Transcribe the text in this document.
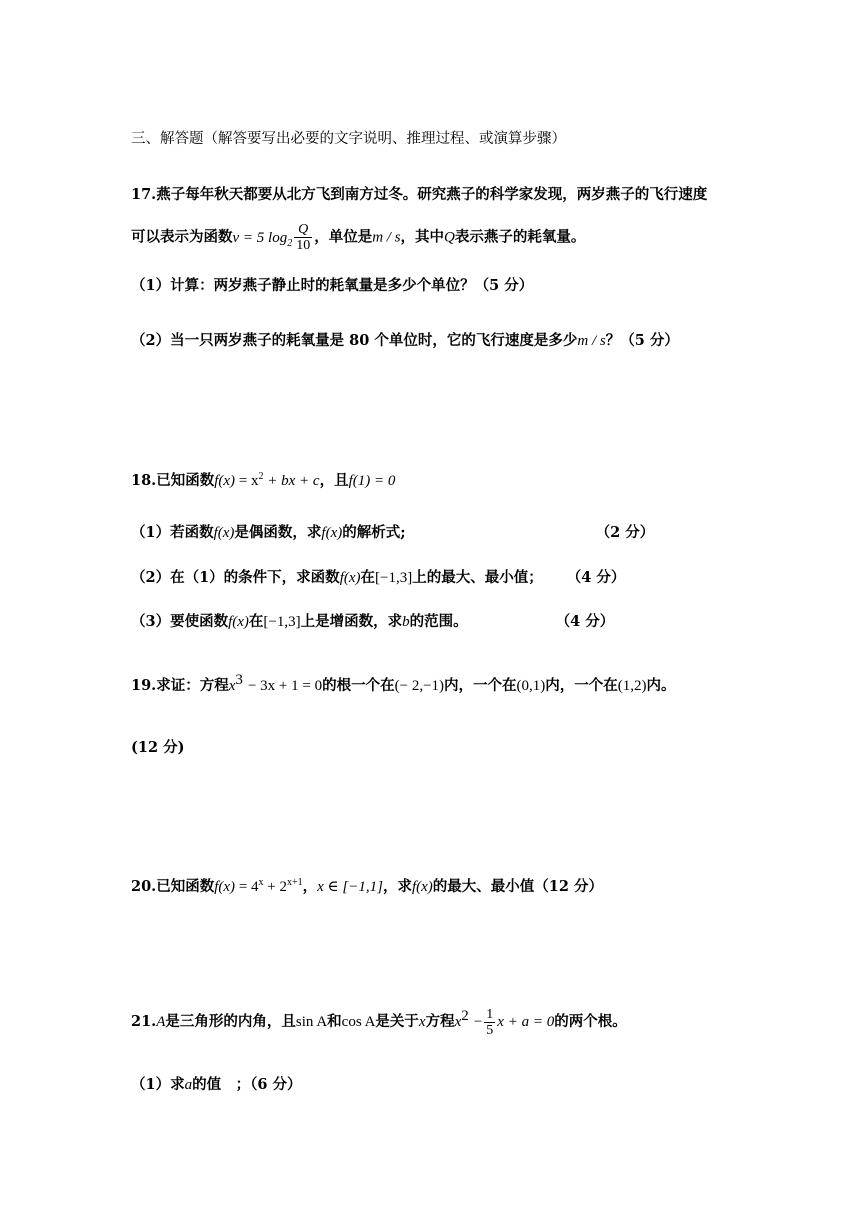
三、解答题（解答要写出必要的文字说明、推理过程、或演算步骤）
17.燕子每年秋天都要从北方飞到南方过冬。研究燕子的科学家发现，两岁燕子的飞行速度
可以表示为函数v = 5 $\log_2 \frac{Q}{10}$ ，单位是m / s，其中Q表示燕子的耗氧量。
（1）计算：两岁燕子静止时的耗氧量是多少个单位？（5 分）
（2）当一只两岁燕子的耗氧量是 80 个单位时，它的飞行速度是多少m / s？（5 分）
18.已知函数$f(x) = x^2$ + bx + c，且f(1) = 0
（1）若函数f(x)是偶函数，求f(x)的解析式;	（2 分）
（2）在（1）的条件下，求函数f(x)在[−1,3]上的最大、最小值； （4 分）
（3）要使函数f(x)在[−1,3]上是增函数，求b的范围。	（4 分）
19.求证：方程x3 − 3x + 1 = 0的根一个在(− 2,−1)内，一个在(0,1)内，一个在(1,2)内。
(12 分)
20.已知函数$f(x) = 4^x + 2^{x+1}$，x ∈ [−1,1]，求f(x)的最大、最小值（12 分）
21.A是三角形的内角，且sin A和cos A是关于x方程$x2 - \frac{1}{5}$ x + a = 0的两个根。
（1）求a的值　；（6 分）
